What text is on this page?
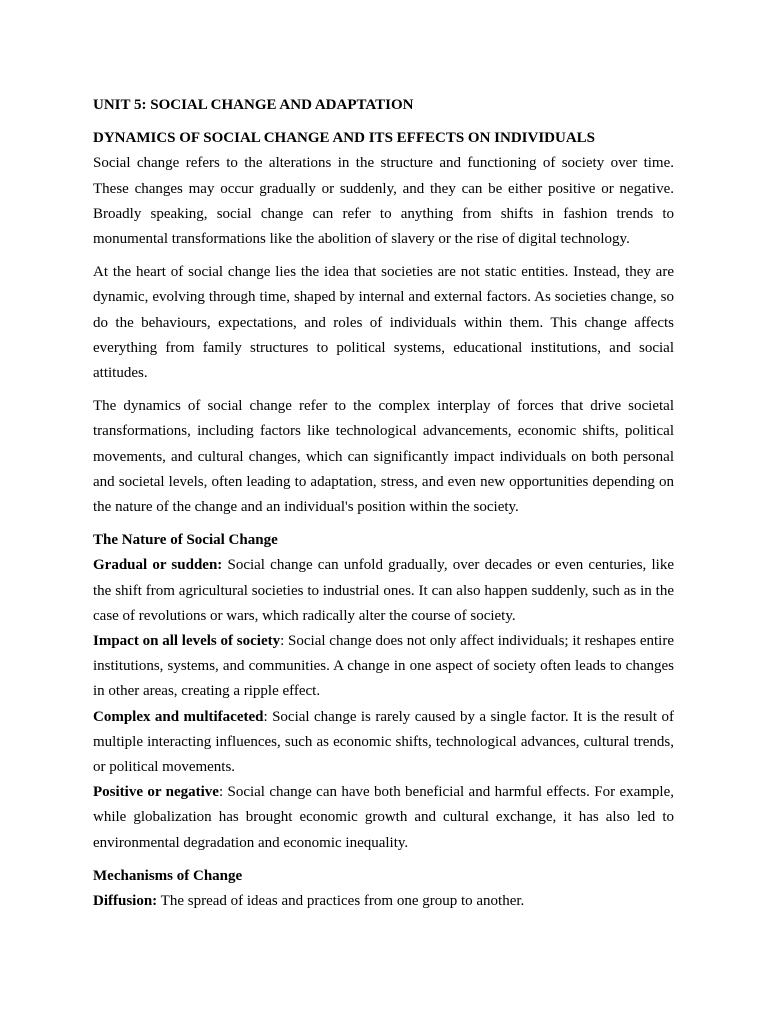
UNIT 5: SOCIAL CHANGE AND ADAPTATION
DYNAMICS OF SOCIAL CHANGE AND ITS EFFECTS ON INDIVIDUALS

Social change refers to the alterations in the structure and functioning of society over time. These changes may occur gradually or suddenly, and they can be either positive or negative. Broadly speaking, social change can refer to anything from shifts in fashion trends to monumental transformations like the abolition of slavery or the rise of digital technology.

At the heart of social change lies the idea that societies are not static entities. Instead, they are dynamic, evolving through time, shaped by internal and external factors. As societies change, so do the behaviours, expectations, and roles of individuals within them. This change affects everything from family structures to political systems, educational institutions, and social attitudes.

The dynamics of social change refer to the complex interplay of forces that drive societal transformations, including factors like technological advancements, economic shifts, political movements, and cultural changes, which can significantly impact individuals on both personal and societal levels, often leading to adaptation, stress, and even new opportunities depending on the nature of the change and an individual's position within the society.

The Nature of Social Change

Gradual or sudden: Social change can unfold gradually, over decades or even centuries, like the shift from agricultural societies to industrial ones. It can also happen suddenly, such as in the case of revolutions or wars, which radically alter the course of society.

Impact on all levels of society: Social change does not only affect individuals; it reshapes entire institutions, systems, and communities. A change in one aspect of society often leads to changes in other areas, creating a ripple effect.

Complex and multifaceted: Social change is rarely caused by a single factor. It is the result of multiple interacting influences, such as economic shifts, technological advances, cultural trends, or political movements.

Positive or negative: Social change can have both beneficial and harmful effects. For example, while globalization has brought economic growth and cultural exchange, it has also led to environmental degradation and economic inequality.

Mechanisms of Change

Diffusion: The spread of ideas and practices from one group to another.
